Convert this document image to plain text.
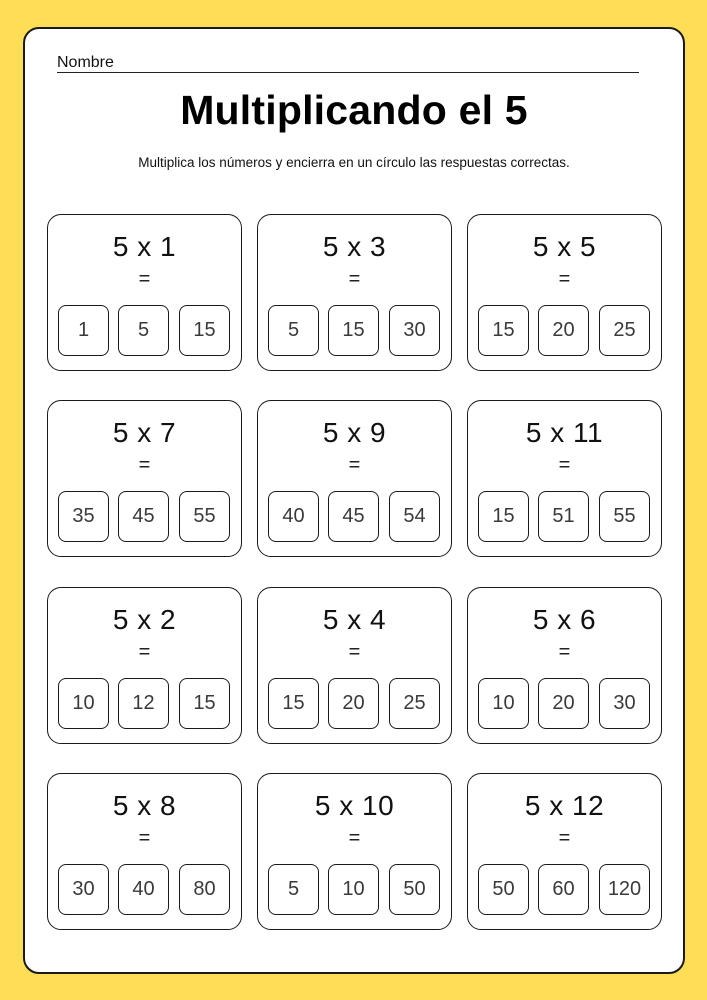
Nombre
Multiplicando el 5
Multiplica los números y encierra en un círculo las respuestas correctas.
5 x 1
=
1	5	15
5 x 3
=
5	15	30
5 x 5
=
15	20	25
5 x 7
=
35	45	55
5 x 9
=
40	45	54
5 x 11
=
15	51	55
5 x 2
=
10	12	15
5 x 4
=
15	20	25
5 x 6
=
10	20	30
5 x 8
=
30	40	80
5 x 10
=
5	10	50
5 x 12
=
50	60	120
